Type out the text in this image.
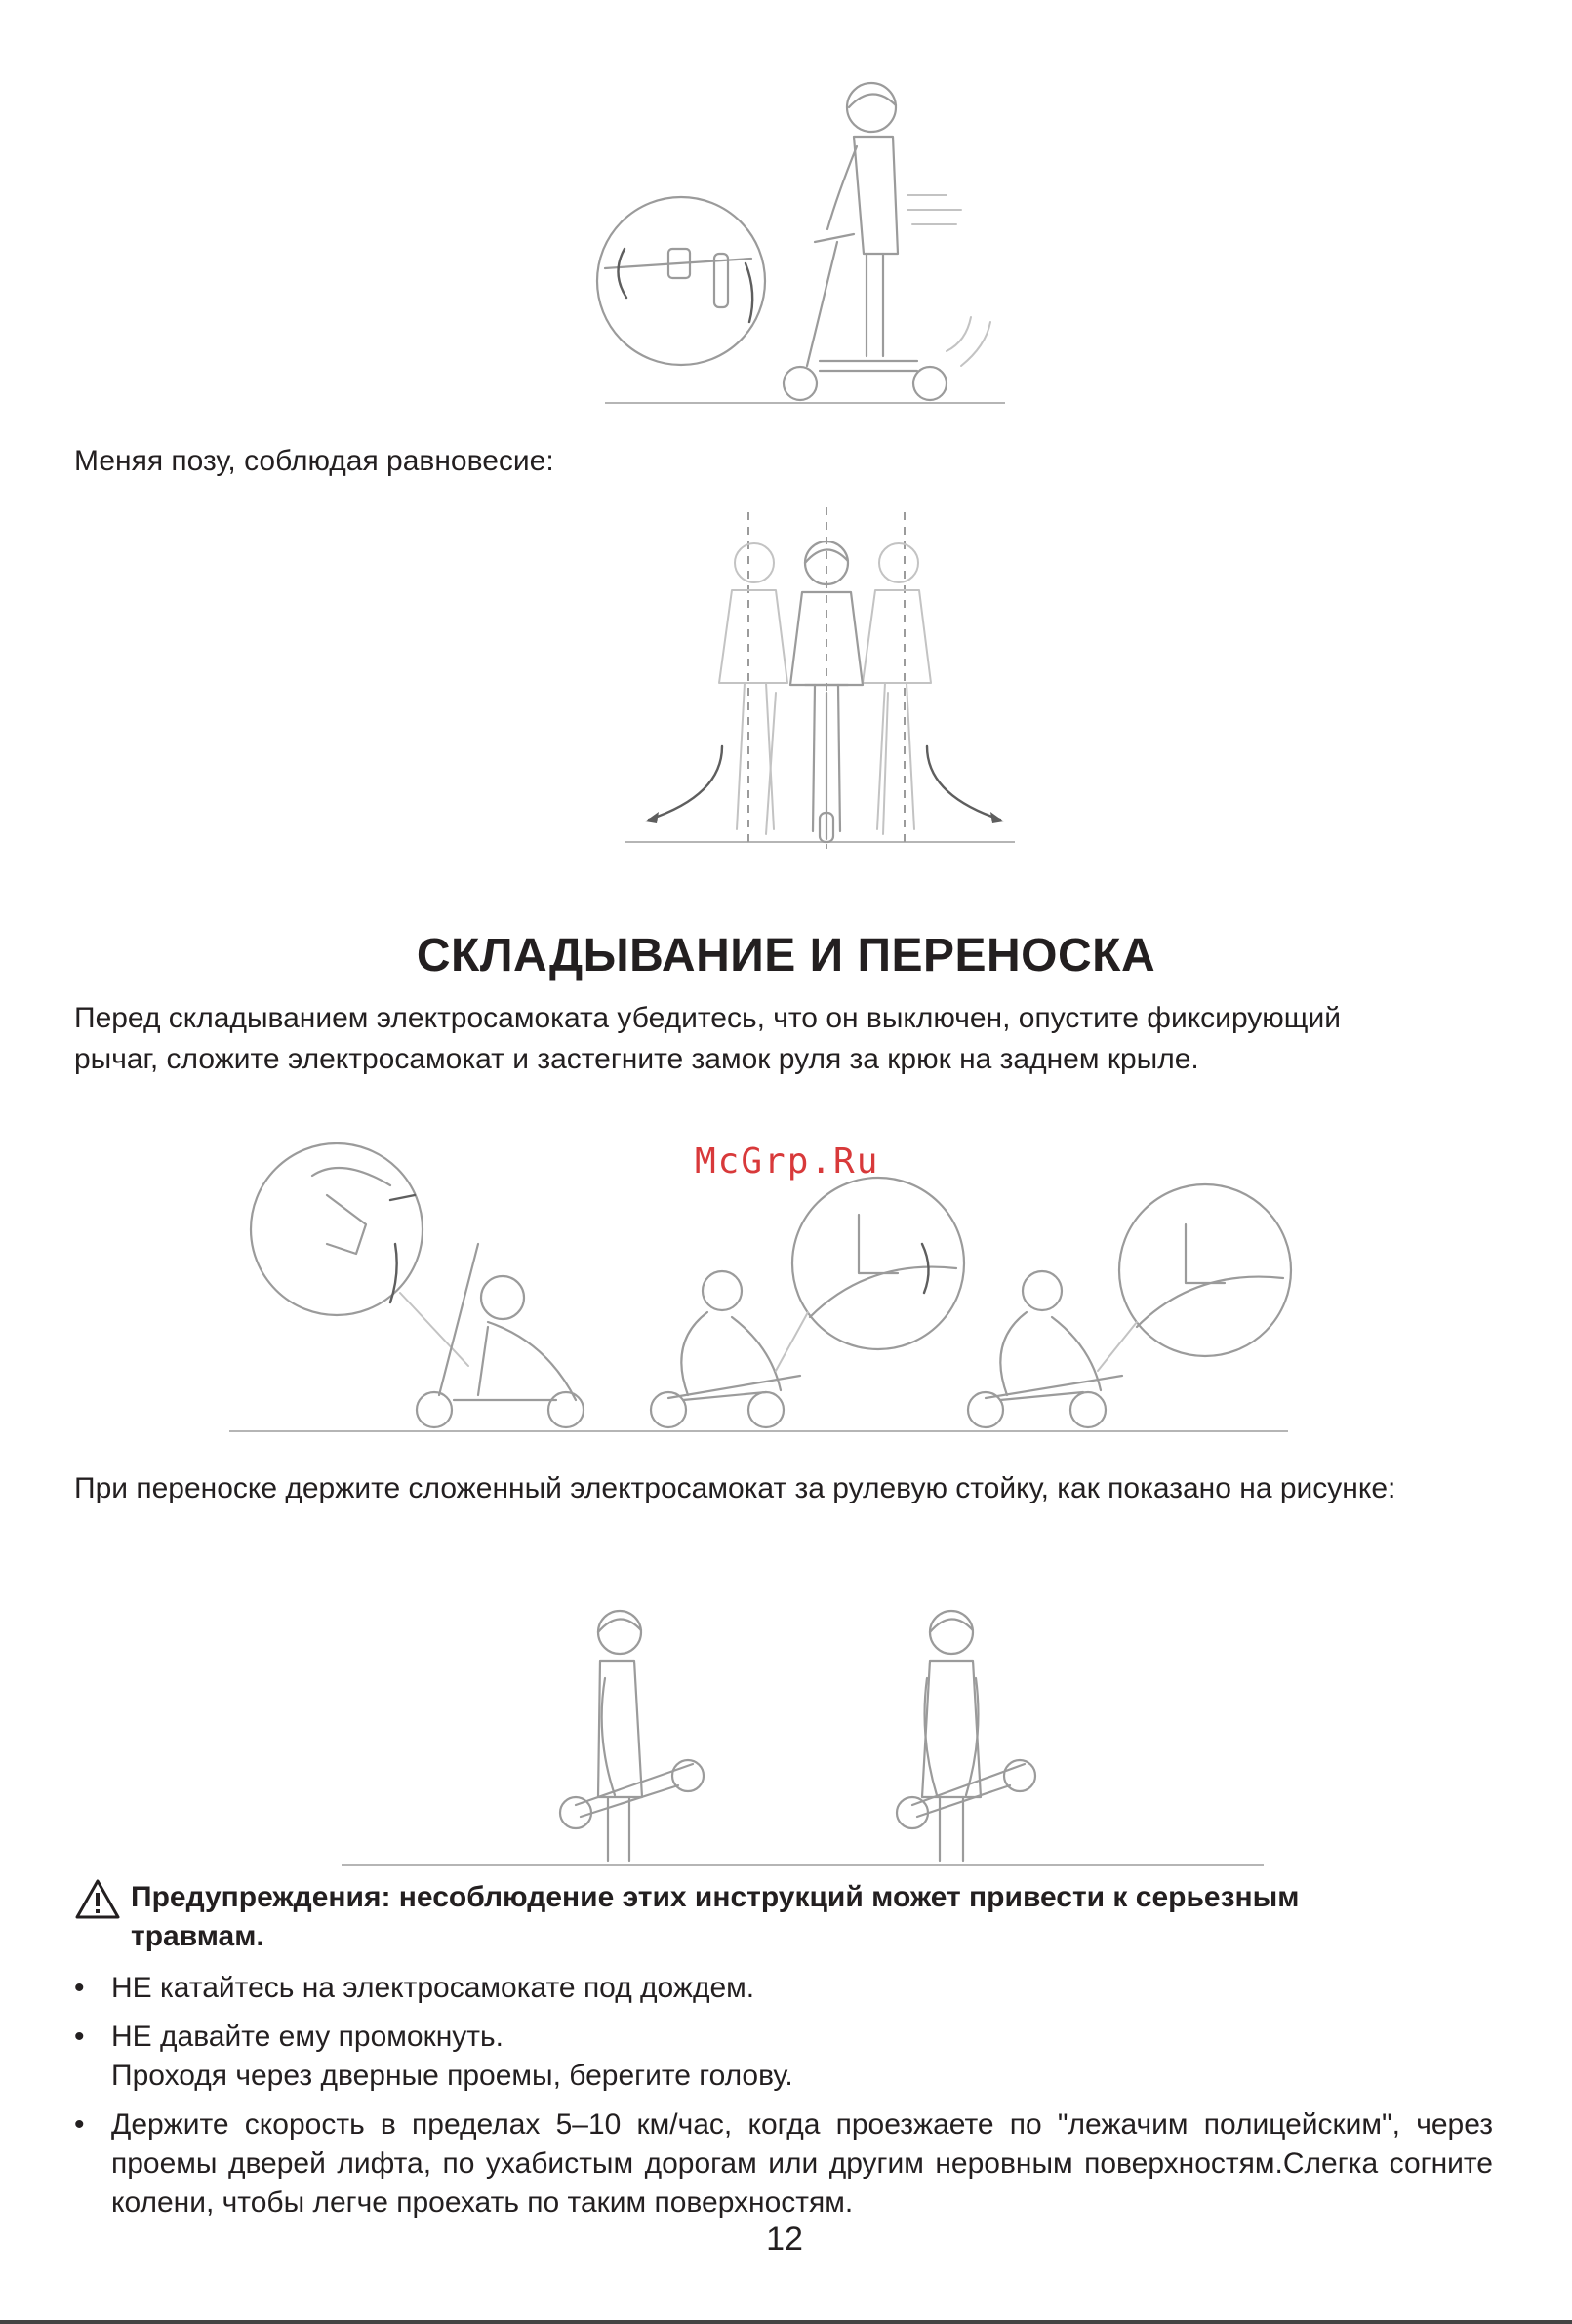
Меняя позу, соблюдая равновесие:
СКЛАДЫВАНИЕ И ПЕРЕНОСКА
Перед складыванием электросамоката убедитесь, что он выключен, опустите фиксирующий
рычаг, сложите электросамокат и застегните замок руля за крюк на заднем крыле.
McGrp.Ru
При переноске держите сложенный электросамокат за рулевую стойку, как показано на рисунке:
Предупреждения: несоблюдение этих инструкций может привести к серьезным
травмам.
• НЕ катайтесь на электросамокате под дождем.
• НЕ давайте ему промокнуть.
Проходя через дверные проемы, берегите голову.
• Держите скорость в пределах 5–10 км/час, когда проезжаете по "лежачим полицейским", через проемы дверей лифта, по ухабистым дорогам или другим неровным поверхностям.Слегка согните колени, чтобы легче проехать по таким поверхностям.
12
